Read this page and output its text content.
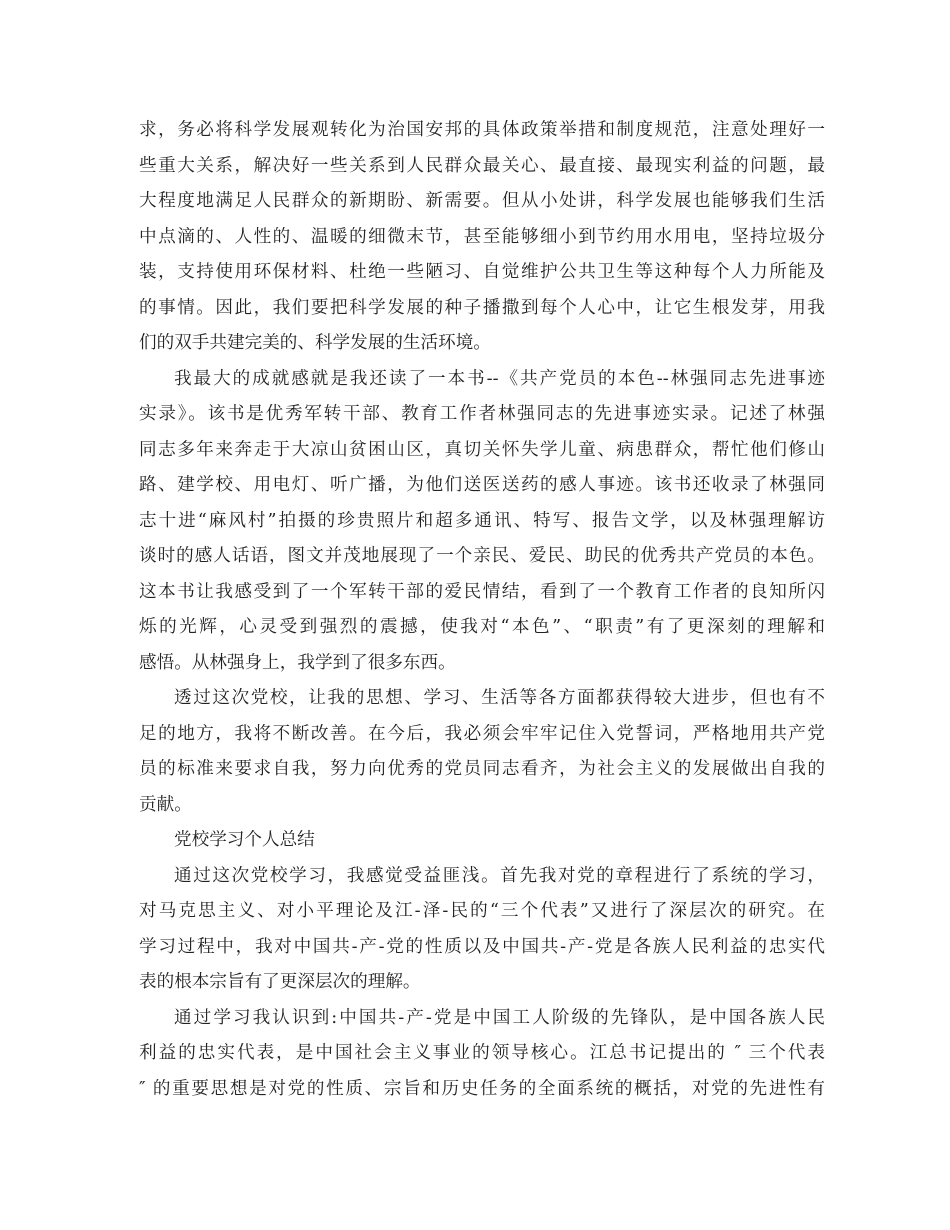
求，务必将科学发展观转化为治国安邦的具体政策举措和制度规范，注意处理好一
些重大关系，解决好一些关系到人民群众最关心、最直接、最现实利益的问题，最
大程度地满足人民群众的新期盼、新需要。但从小处讲，科学发展也能够我们生活
中点滴的、人性的、温暖的细微末节，甚至能够细小到节约用水用电，坚持垃圾分
装，支持使用环保材料、杜绝一些陋习、自觉维护公共卫生等这种每个人力所能及
的事情。因此，我们要把科学发展的种子播撒到每个人心中，让它生根发芽，用我
们的双手共建完美的、科学发展的生活环境。
我最大的成就感就是我还读了一本书--《共产党员的本色--林强同志先进事迹
实录》。该书是优秀军转干部、教育工作者林强同志的先进事迹实录。记述了林强
同志多年来奔走于大凉山贫困山区，真切关怀失学儿童、病患群众，帮忙他们修山
路、建学校、用电灯、听广播，为他们送医送药的感人事迹。该书还收录了林强同
志十进“麻风村”拍摄的珍贵照片和超多通讯、特写、报告文学，以及林强理解访
谈时的感人话语，图文并茂地展现了一个亲民、爱民、助民的优秀共产党员的本色。
这本书让我感受到了一个军转干部的爱民情结，看到了一个教育工作者的良知所闪
烁的光辉，心灵受到强烈的震撼，使我对“本色”、“职责”有了更深刻的理解和
感悟。从林强身上，我学到了很多东西。
透过这次党校，让我的思想、学习、生活等各方面都获得较大进步，但也有不
足的地方，我将不断改善。在今后，我必须会牢牢记住入党誓词，严格地用共产党
员的标准来要求自我，努力向优秀的党员同志看齐，为社会主义的发展做出自我的
贡献。
党校学习个人总结
通过这次党校学习，我感觉受益匪浅。首先我对党的章程进行了系统的学习，
对马克思主义、对小平理论及江-泽-民的“三个代表”又进行了深层次的研究。在
学习过程中，我对中国共-产-党的性质以及中国共-产-党是各族人民利益的忠实代
表的根本宗旨有了更深层次的理解。
通过学习我认识到:中国共-产-党是中国工人阶级的先锋队，是中国各族人民
利益的忠实代表，是中国社会主义事业的领导核心。江总书记提出的 ″ 三个代表
″ 的重要思想是对党的性质、宗旨和历史任务的全面系统的概括，对党的先进性有
